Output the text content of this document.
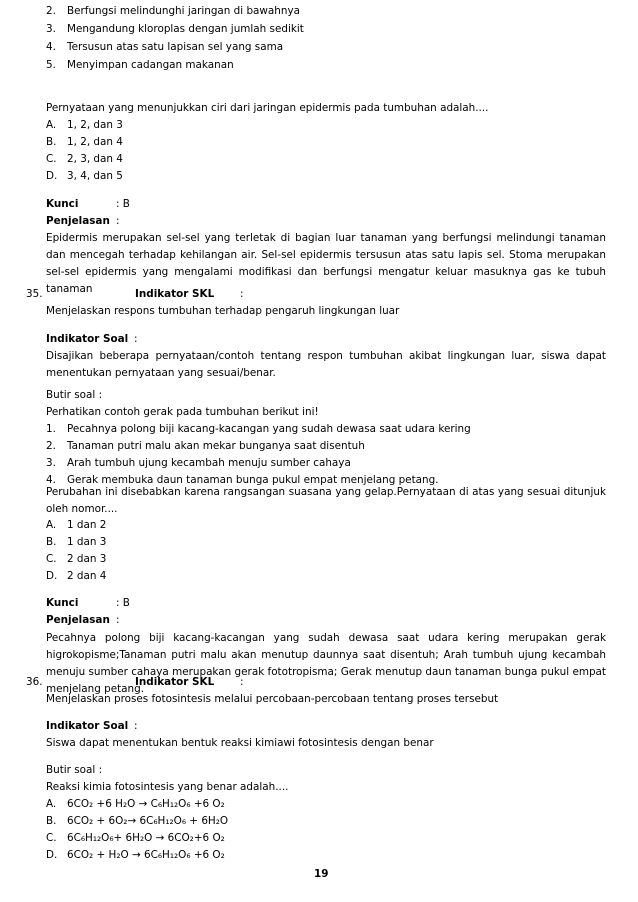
2. Berfungsi melindunghi jaringan di bawahnya
3. Mengandung kloroplas dengan jumlah sedikit
4. Tersusun atas satu lapisan sel yang sama
5. Menyimpan cadangan makanan
Pernyataan yang menunjukkan ciri dari jaringan epidermis pada tumbuhan adalah....
A. 1, 2, dan 3
B. 1, 2, dan 4
C. 2, 3, dan 4
D. 3, 4, dan 5
Kunci	: B
Penjelasan :
Epidermis merupakan sel-sel yang terletak di bagian luar tanaman yang berfungsi melindungi tanaman dan mencegah terhadap kehilangan air. Sel-sel epidermis tersusun atas satu lapis sel. Stoma merupakan sel-sel epidermis yang mengalami modifikasi dan berfungsi mengatur keluar masuknya gas ke tubuh tanaman
35.	Indikator SKL :
Menjelaskan respons tumbuhan terhadap pengaruh lingkungan luar
Indikator Soal :
Disajikan beberapa pernyataan/contoh tentang respon tumbuhan akibat lingkungan luar, siswa dapat menentukan pernyataan yang sesuai/benar.
Butir soal :
Perhatikan contoh gerak pada tumbuhan berikut ini!
1. Pecahnya polong biji kacang-kacangan yang sudah dewasa saat udara kering
2. Tanaman putri malu akan mekar bunganya saat disentuh
3. Arah tumbuh ujung kecambah menuju sumber cahaya
4. Gerak membuka daun tanaman bunga pukul empat menjelang petang.
Perubahan ini disebabkan karena rangsangan suasana yang gelap.Pernyataan di atas yang sesuai ditunjuk oleh nomor....
A. 1 dan 2
B. 1 dan 3
C. 2 dan 3
D. 2 dan 4
Kunci	: B
Penjelasan :
Pecahnya polong biji kacang-kacangan yang sudah dewasa saat udara kering merupakan gerak higrokopisme;Tanaman putri malu akan menutup daunnya saat disentuh; Arah tumbuh ujung kecambah menuju sumber cahaya merupakan gerak fototropisma; Gerak menutup daun tanaman bunga pukul empat menjelang petang.
36.	Indikator SKL :
Menjelaskan proses fotosintesis melalui percobaan-percobaan tentang proses tersebut
Indikator Soal :
Siswa dapat menentukan bentuk reaksi kimiawi fotosintesis dengan benar
Butir soal :
Reaksi kimia fotosintesis yang benar adalah....
A. 6CO₂ +6 H₂O → C₆H₁₂O₆ +6 O₂
B. 6CO₂ + 6O₂→ 6C₆H₁₂O₆ + 6H₂O
C. 6C₆H₁₂O₆+ 6H₂O → 6CO₂+6 O₂
D. 6CO₂ + H₂O → 6C₆H₁₂O₆ +6 O₂
19
